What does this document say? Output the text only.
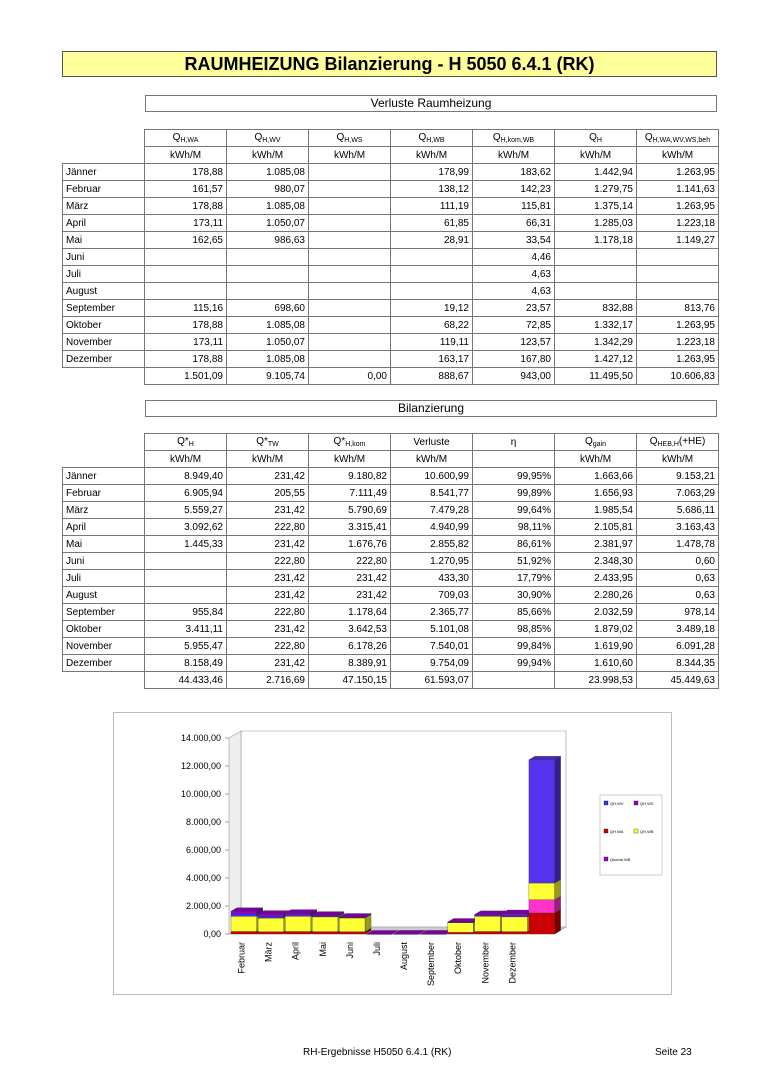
RAUMHEIZUNG Bilanzierung - H 5050 6.4.1 (RK)
Verluste Raumheizung
	$Q_{H,WA}$	$Q_{H,WV}$	$Q_{H,WS}$	$Q_{H,WB}$	$Q_{H,kom,WB}$	$Q_H$	$Q_{H,WA,WV,WS,beh}$
	kWh/M	kWh/M	kWh/M	kWh/M	kWh/M	kWh/M	kWh/M
Jänner	178,88	1.085,08		178,99	183,62	1.442,94	1.263,95
Februar	161,57	980,07		138,12	142,23	1.279,75	1.141,63
März	178,88	1.085,08		111,19	115,81	1.375,14	1.263,95
April	173,11	1.050,07		61,85	66,31	1.285,03	1.223,18
Mai	162,65	986,63		28,91	33,54	1.178,18	1.149,27
Juni					4,46		
Juli					4,63		
August					4,63		
September	115,16	698,60		19,12	23,57	832,88	813,76
Oktober	178,88	1.085,08		68,22	72,85	1.332,17	1.263,95
November	173,11	1.050,07		119,11	123,57	1.342,29	1.223,18
Dezember	178,88	1.085,08		163,17	167,80	1.427,12	1.263,95
	1.501,09	9.105,74	0,00	888,67	943,00	11.495,50	10.606,83
Bilanzierung
	$Q*_H$	$Q*_{TW}$	$Q*_{H,kom}$	Verluste	η	$Q_{gain}$	$Q_{HEB,H}(+HE)$
	kWh/M	kWh/M	kWh/M	kWh/M		kWh/M	kWh/M
Jänner	8.949,40	231,42	9.180,82	10.600,99	99,95%	1.663,66	9.153,21
Februar	6.905,94	205,55	7.111,49	8.541,77	99,89%	1.656,93	7.063,29
März	5.559,27	231,42	5.790,69	7.479,28	99,64%	1.985,54	5.686,11
April	3.092,62	222,80	3.315,41	4.940,99	98,11%	2.105,81	3.163,43
Mai	1.445,33	231,42	1.676,76	2.855,82	86,61%	2.381,97	1.478,78
Juni		222,80	222,80	1.270,95	51,92%	2.348,30	0,60
Juli		231,42	231,42	433,30	17,79%	2.433,95	0,63
August		231,42	231,42	709,03	30,90%	2.280,26	0,63
September	955,84	222,80	1.178,64	2.365,77	85,66%	2.032,59	978,14
Oktober	3.411,11	231,42	3.642,53	5.101,08	98,85%	1.879,02	3.489,18
November	5.955,47	222,80	6.178,26	7.540,01	99,84%	1.619,90	6.091,28
Dezember	8.158,49	231,42	8.389,91	9.754,09	99,94%	1.610,60	8.344,35
	44.433,46	2.716,69	47.150,15	61.593,07		23.998,53	45.449,63
14.000,00
12.000,00
10.000,00
8.000,00
6.000,00
4.000,00
2.000,00
0,00
Februar März April Mai Juni Juli August September Oktober November Dezember
QH,WV	QH,WS
QH,WA	QH,WB
Qkomb,WB
RH-Ergebnisse H5050 6.4.1 (RK)	Seite 23
